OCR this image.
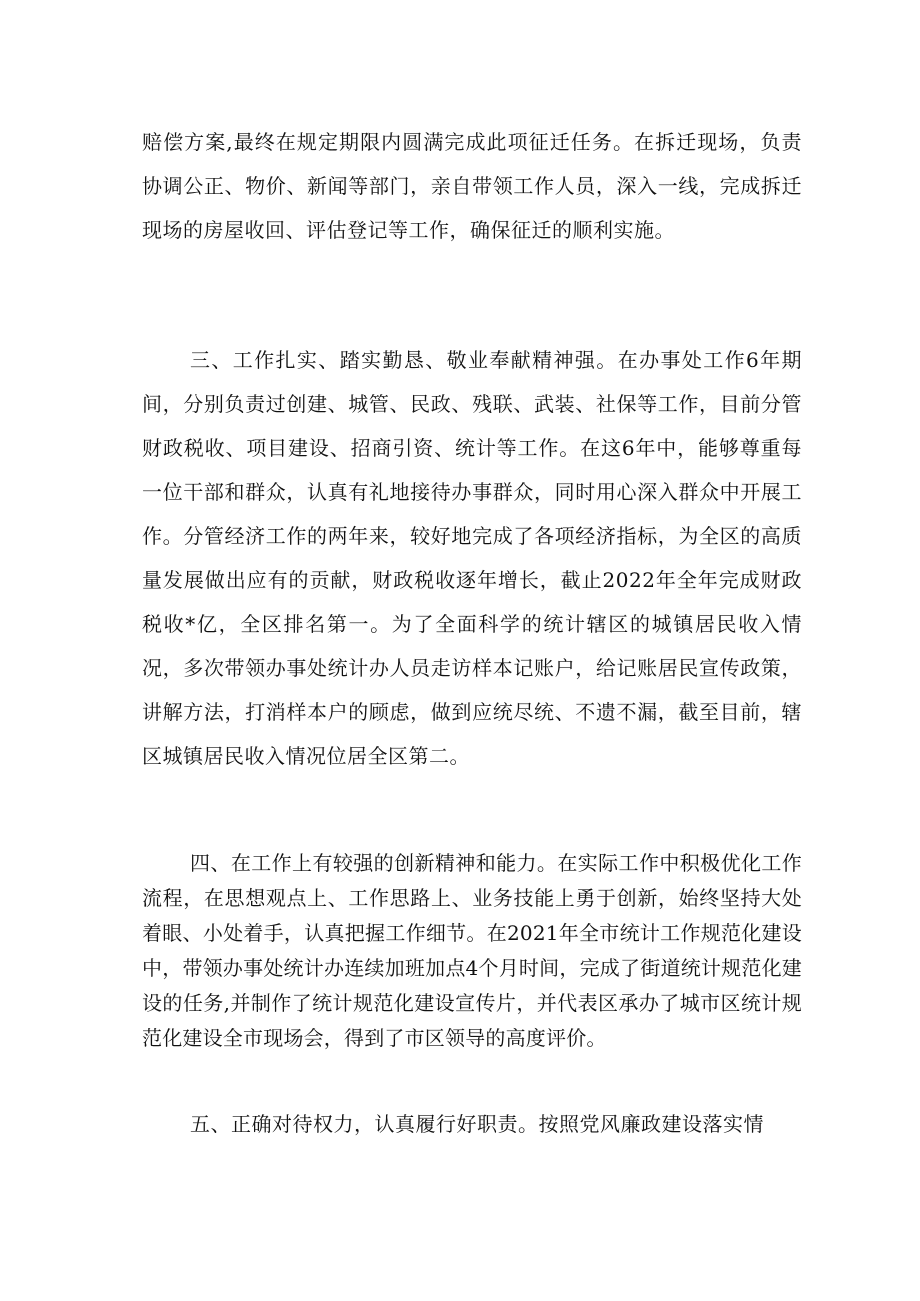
赔偿方案,最终在规定期限内圆满完成此项征迁任务。在拆迁现场，负责协调公正、物价、新闻等部门，亲自带领工作人员，深入一线，完成拆迁现场的房屋收回、评估登记等工作，确保征迁的顺利实施。

三、工作扎实、踏实勤恳、敬业奉献精神强。在办事处工作6年期间，分别负责过创建、城管、民政、残联、武装、社保等工作，目前分管财政税收、项目建设、招商引资、统计等工作。在这6年中，能够尊重每一位干部和群众，认真有礼地接待办事群众，同时用心深入群众中开展工作。分管经济工作的两年来，较好地完成了各项经济指标，为全区的高质量发展做出应有的贡献，财政税收逐年增长，截止2022年全年完成财政税收*亿，全区排名第一。为了全面科学的统计辖区的城镇居民收入情况，多次带领办事处统计办人员走访样本记账户，给记账居民宣传政策，讲解方法，打消样本户的顾虑，做到应统尽统、不遗不漏，截至目前，辖区城镇居民收入情况位居全区第二。

四、在工作上有较强的创新精神和能力。在实际工作中积极优化工作流程，在思想观点上、工作思路上、业务技能上勇于创新，始终坚持大处着眼、小处着手，认真把握工作细节。在2021年全市统计工作规范化建设中，带领办事处统计办连续加班加点4个月时间，完成了街道统计规范化建设的任务,并制作了统计规范化建设宣传片，并代表区承办了城市区统计规范化建设全市现场会，得到了市区领导的高度评价。

五、正确对待权力，认真履行好职责。按照党风廉政建设落实情
